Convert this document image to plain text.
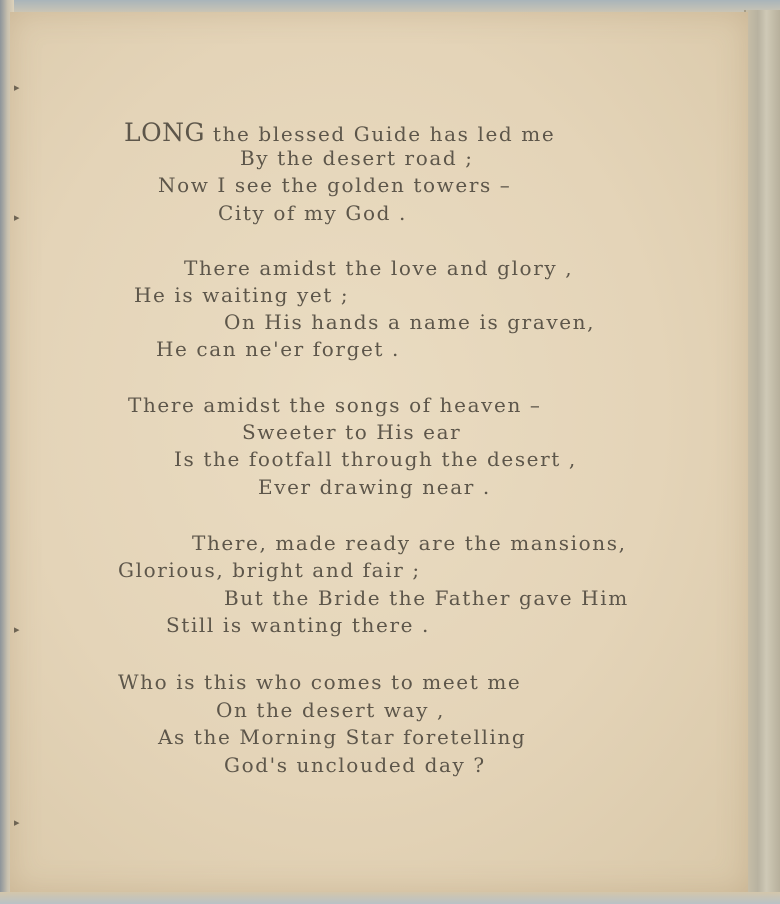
▸
▸
▸
▸

LONG the blessed Guide has led me

By the desert road ;

Now I see the golden towers –

City of my God .

There amidst the love and glory ,

He is waiting yet ;

On His hands a name is graven,

He can ne'er forget .

There amidst the songs of heaven –

Sweeter to His ear

Is the footfall through the desert ,

Ever drawing near .

There, made ready are the mansions,

Glorious, bright and fair ;

But the Bride the Father gave Him

Still is wanting there .

Who is this who comes to meet me

On the desert way ,

As the Morning Star foretelling

God's unclouded day ?
